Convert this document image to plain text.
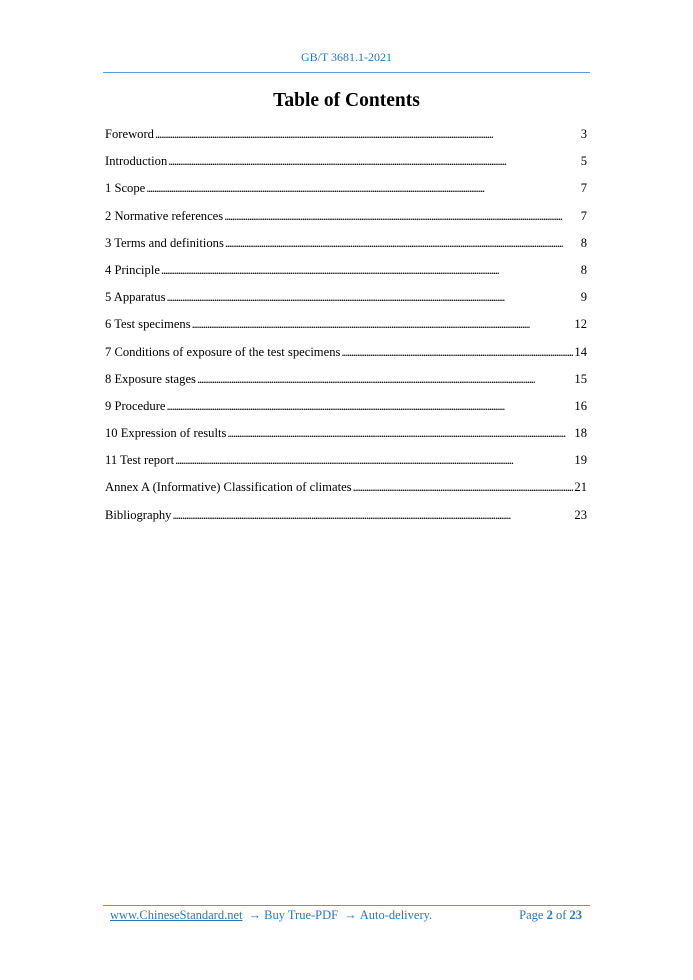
GB/T 3681.1-2021
Table of Contents
Foreword . . .	3
Introduction . . .	5
1 Scope . . .	7
2 Normative references . . .	7
3 Terms and definitions . . .	8
4 Principle . . .	8
5 Apparatus . . .	9
6 Test specimens . . .	12
7 Conditions of exposure of the test specimens . . .	14
8 Exposure stages . . .	15
9 Procedure . . .	16
10 Expression of results . . .	18
11 Test report . . .	19
Annex A (Informative) Classification of climates . . .	21
Bibliography . . .	23
www.ChineseStandard.net → Buy True-PDF → Auto-delivery.	Page 2 of 23
